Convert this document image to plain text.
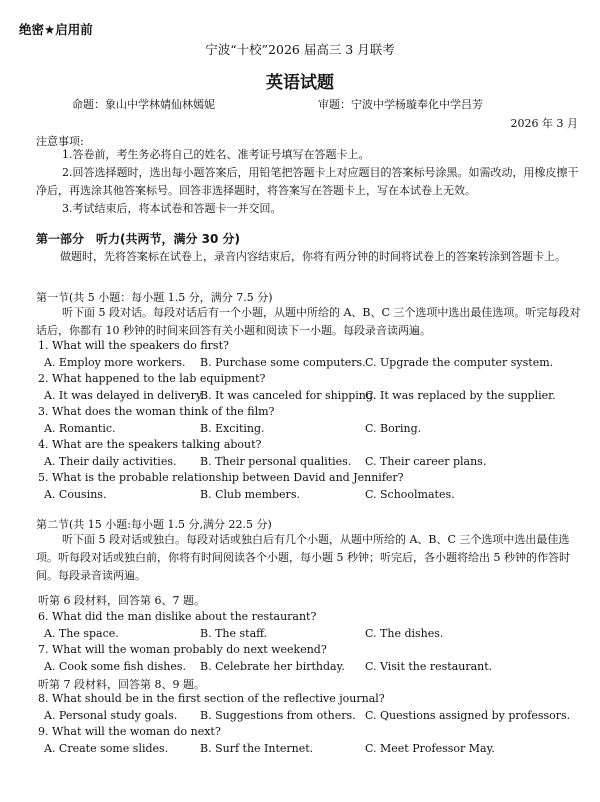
绝密★启用前
宁波“十校”2026 届高三 3 月联考
英语试题
命题：象山中学林婧仙林嫣妮	审题：宁波中学杨璇奉化中学吕芳
2026 年 3 月
注意事项:
1.答卷前，考生务必将自己的姓名、准考证号填写在答题卡上。
2.回答选择题时，选出每小题答案后，用铅笔把答题卡上对应题目的答案标号涂黑。如需改动，用橡皮擦干净后，再选涂其他答案标号。回答非选择题时，将答案写在答题卡上，写在本试卷上无效。
3.考试结束后，将本试卷和答题卡一并交回。
第一部分　听力(共两节，满分 30 分)
做题时，先将答案标在试卷上，录音内容结束后，你将有两分钟的时间将试卷上的答案转涂到答题卡上。
第一节(共 5 小题：每小题 1.5 分，满分 7.5 分)
听下面 5 段对话。每段对话后有一个小题，从题中所给的 A、B、C 三个选项中选出最佳选项。听完每段对话后，你都有 10 秒钟的时间来回答有关小题和阅读下一小题。每段录音读两遍。
1. What will the speakers do first?
A. Employ more workers. B. Purchase some computers. C. Upgrade the computer system.
2. What happened to the lab equipment?
A. It was delayed in delivery.
B. It was canceled for shipping.
C. It was replaced by the supplier.
3. What does the woman think of the film?
A. Romantic.	B. Exciting.	C. Boring.
4. What are the speakers talking about?
A. Their daily activities. B. Their personal qualities. C. Their career plans.
5. What is the probable relationship between David and Jennifer?
A. Cousins.	B. Club members.	C. Schoolmates.
第二节(共 15 小题:每小题 1.5 分,满分 22.5 分)
听下面 5 段对话或独白。每段对话或独白后有几个小题，从题中所给的 A、B、C 三个选项中选出最佳选项。听每段对话或独白前，你将有时间阅读各个小题，每小题 5 秒钟；听完后，各小题将给出 5 秒钟的作答时间。每段录音读两遍。
听第 6 段材料，回答第 6、7 题。
6. What did the man dislike about the restaurant?
A. The space.	B. The staff.	C. The dishes.
7. What will the woman probably do next weekend?
A. Cook some fish dishes. B. Celebrate her birthday. C. Visit the restaurant.
听第 7 段材料，回答第 8、9 题。
8. What should be in the first section of the reflective journal?
A. Personal study goals. B. Suggestions from others. C. Questions assigned by professors.
9. What will the woman do next?
A. Create some slides.	B. Surf the Internet.	C. Meet Professor May.
